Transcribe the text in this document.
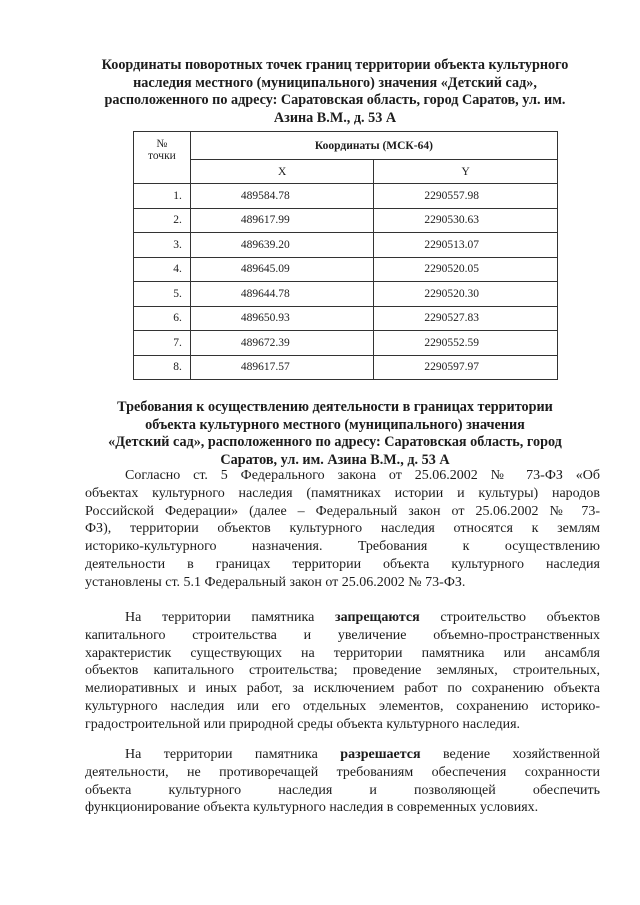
Координаты поворотных точек границ территории объекта культурного
наследия местного (муниципального) значения «Детский сад»,
расположенного по адресу: Саратовская область, город Саратов, ул. им.
Азина В.М., д. 53 А
№
точки	Координаты (МСК-64)	
	X	Y
1.	489584.78	2290557.98
2.	489617.99	2290530.63
3.	489639.20	2290513.07
4.	489645.09	2290520.05
5.	489644.78	2290520.30
6.	489650.93	2290527.83
7.	489672.39	2290552.59
8.	489617.57	2290597.97
Требования к осуществлению деятельности в границах территории
объекта культурного местного (муниципального) значения
«Детский сад», расположенного по адресу: Саратовская область, город
Саратов, ул. им. Азина В.М., д. 53 А
Согласно ст. 5 Федерального закона от 25.06.2002 № 73-ФЗ «Об
объектах культурного наследия (памятниках истории и культуры) народов
Российской Федерации» (далее – Федеральный закон от 25.06.2002 № 73-
ФЗ), территории объектов культурного наследия относятся к землям
историко-культурного назначения. Требования к осуществлению
деятельности в границах территории объекта культурного наследия
установлены ст. 5.1 Федеральный закон от 25.06.2002 № 73-ФЗ.
На территории памятника запрещаются строительство объектов
капитального строительства и увеличение объемно-пространственных
характеристик существующих на территории памятника или ансамбля
объектов капитального строительства; проведение земляных, строительных,
мелиоративных и иных работ, за исключением работ по сохранению объекта
культурного наследия или его отдельных элементов, сохранению историко-
градостроительной или природной среды объекта культурного наследия.
На территории памятника разрешается ведение хозяйственной
деятельности, не противоречащей требованиям обеспечения сохранности
объекта культурного наследия и позволяющей обеспечить
функционирование объекта культурного наследия в современных условиях.
